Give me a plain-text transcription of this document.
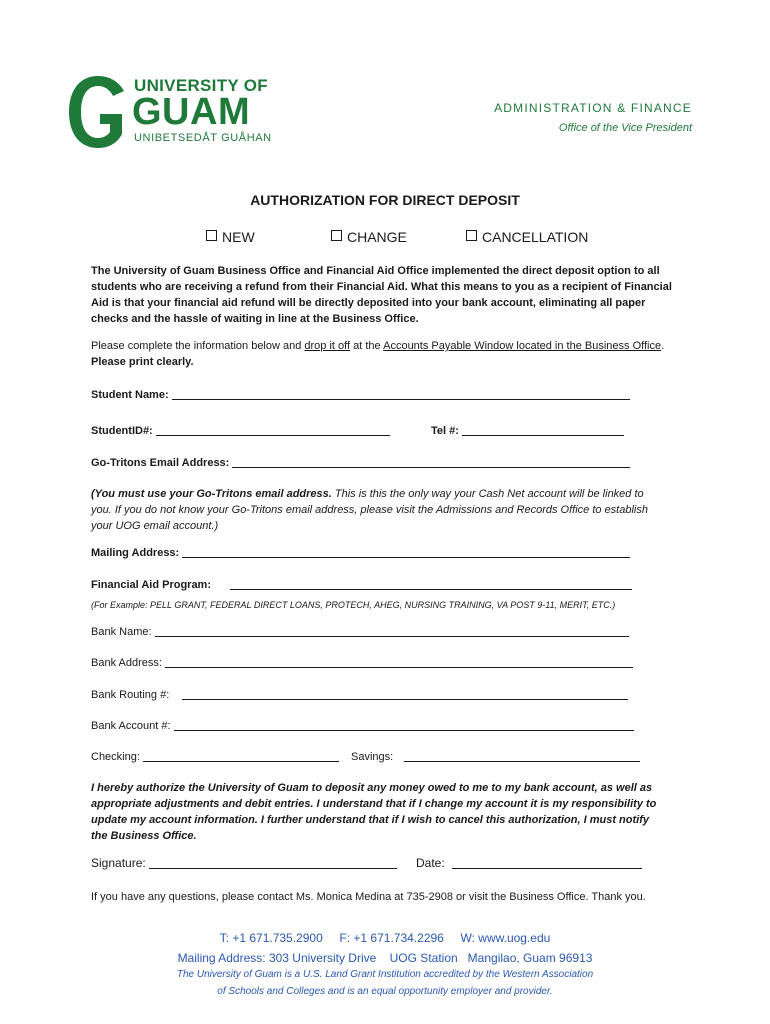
UNIVERSITY OF
GUAM
UNIBETSEDÅT GUÅHAN
ADMINISTRATION & FINANCE
Office of the Vice President
AUTHORIZATION FOR DIRECT DEPOSIT
NEW	CHANGE	CANCELLATION
The University of Guam Business Office and Financial Aid Office implemented the direct deposit option to all students who are receiving a refund from their Financial Aid. What this means to you as a recipient of Financial Aid is that your financial aid refund will be directly deposited into your bank account, eliminating all paper checks and the hassle of waiting in line at the Business Office.
Please complete the information below and drop it off at the Accounts Payable Window located in the Business Office. Please print clearly.
Student Name:
StudentID#:	Tel #:
Go-Tritons Email Address:
(You must use your Go-Tritons email address. This is this the only way your Cash Net account will be linked to you. If you do not know your Go-Tritons email address, please visit the Admissions and Records Office to establish your UOG email account.)
Mailing Address:
Financial Aid Program:
(For Example: PELL GRANT, FEDERAL DIRECT LOANS, PROTECH, AHEG, NURSING TRAINING, VA POST 9-11, MERIT, ETC.)
Bank Name:
Bank Address:
Bank Routing #:
Bank Account #:
Checking:	Savings:
I hereby authorize the University of Guam to deposit any money owed to me to my bank account, as well as appropriate adjustments and debit entries. I understand that if I change my account it is my responsibility to update my account information. I further understand that if I wish to cancel this authorization, I must notify the Business Office.
Signature:	Date:
If you have any questions, please contact Ms. Monica Medina at 735-2908 or visit the Business Office. Thank you.
T: +1 671.735.2900     F: +1 671.734.2296     W: www.uog.edu
Mailing Address: 303 University Drive    UOG Station   Mangilao, Guam 96913
The University of Guam is a U.S. Land Grant Institution accredited by the Western Association
of Schools and Colleges and is an equal opportunity employer and provider.
